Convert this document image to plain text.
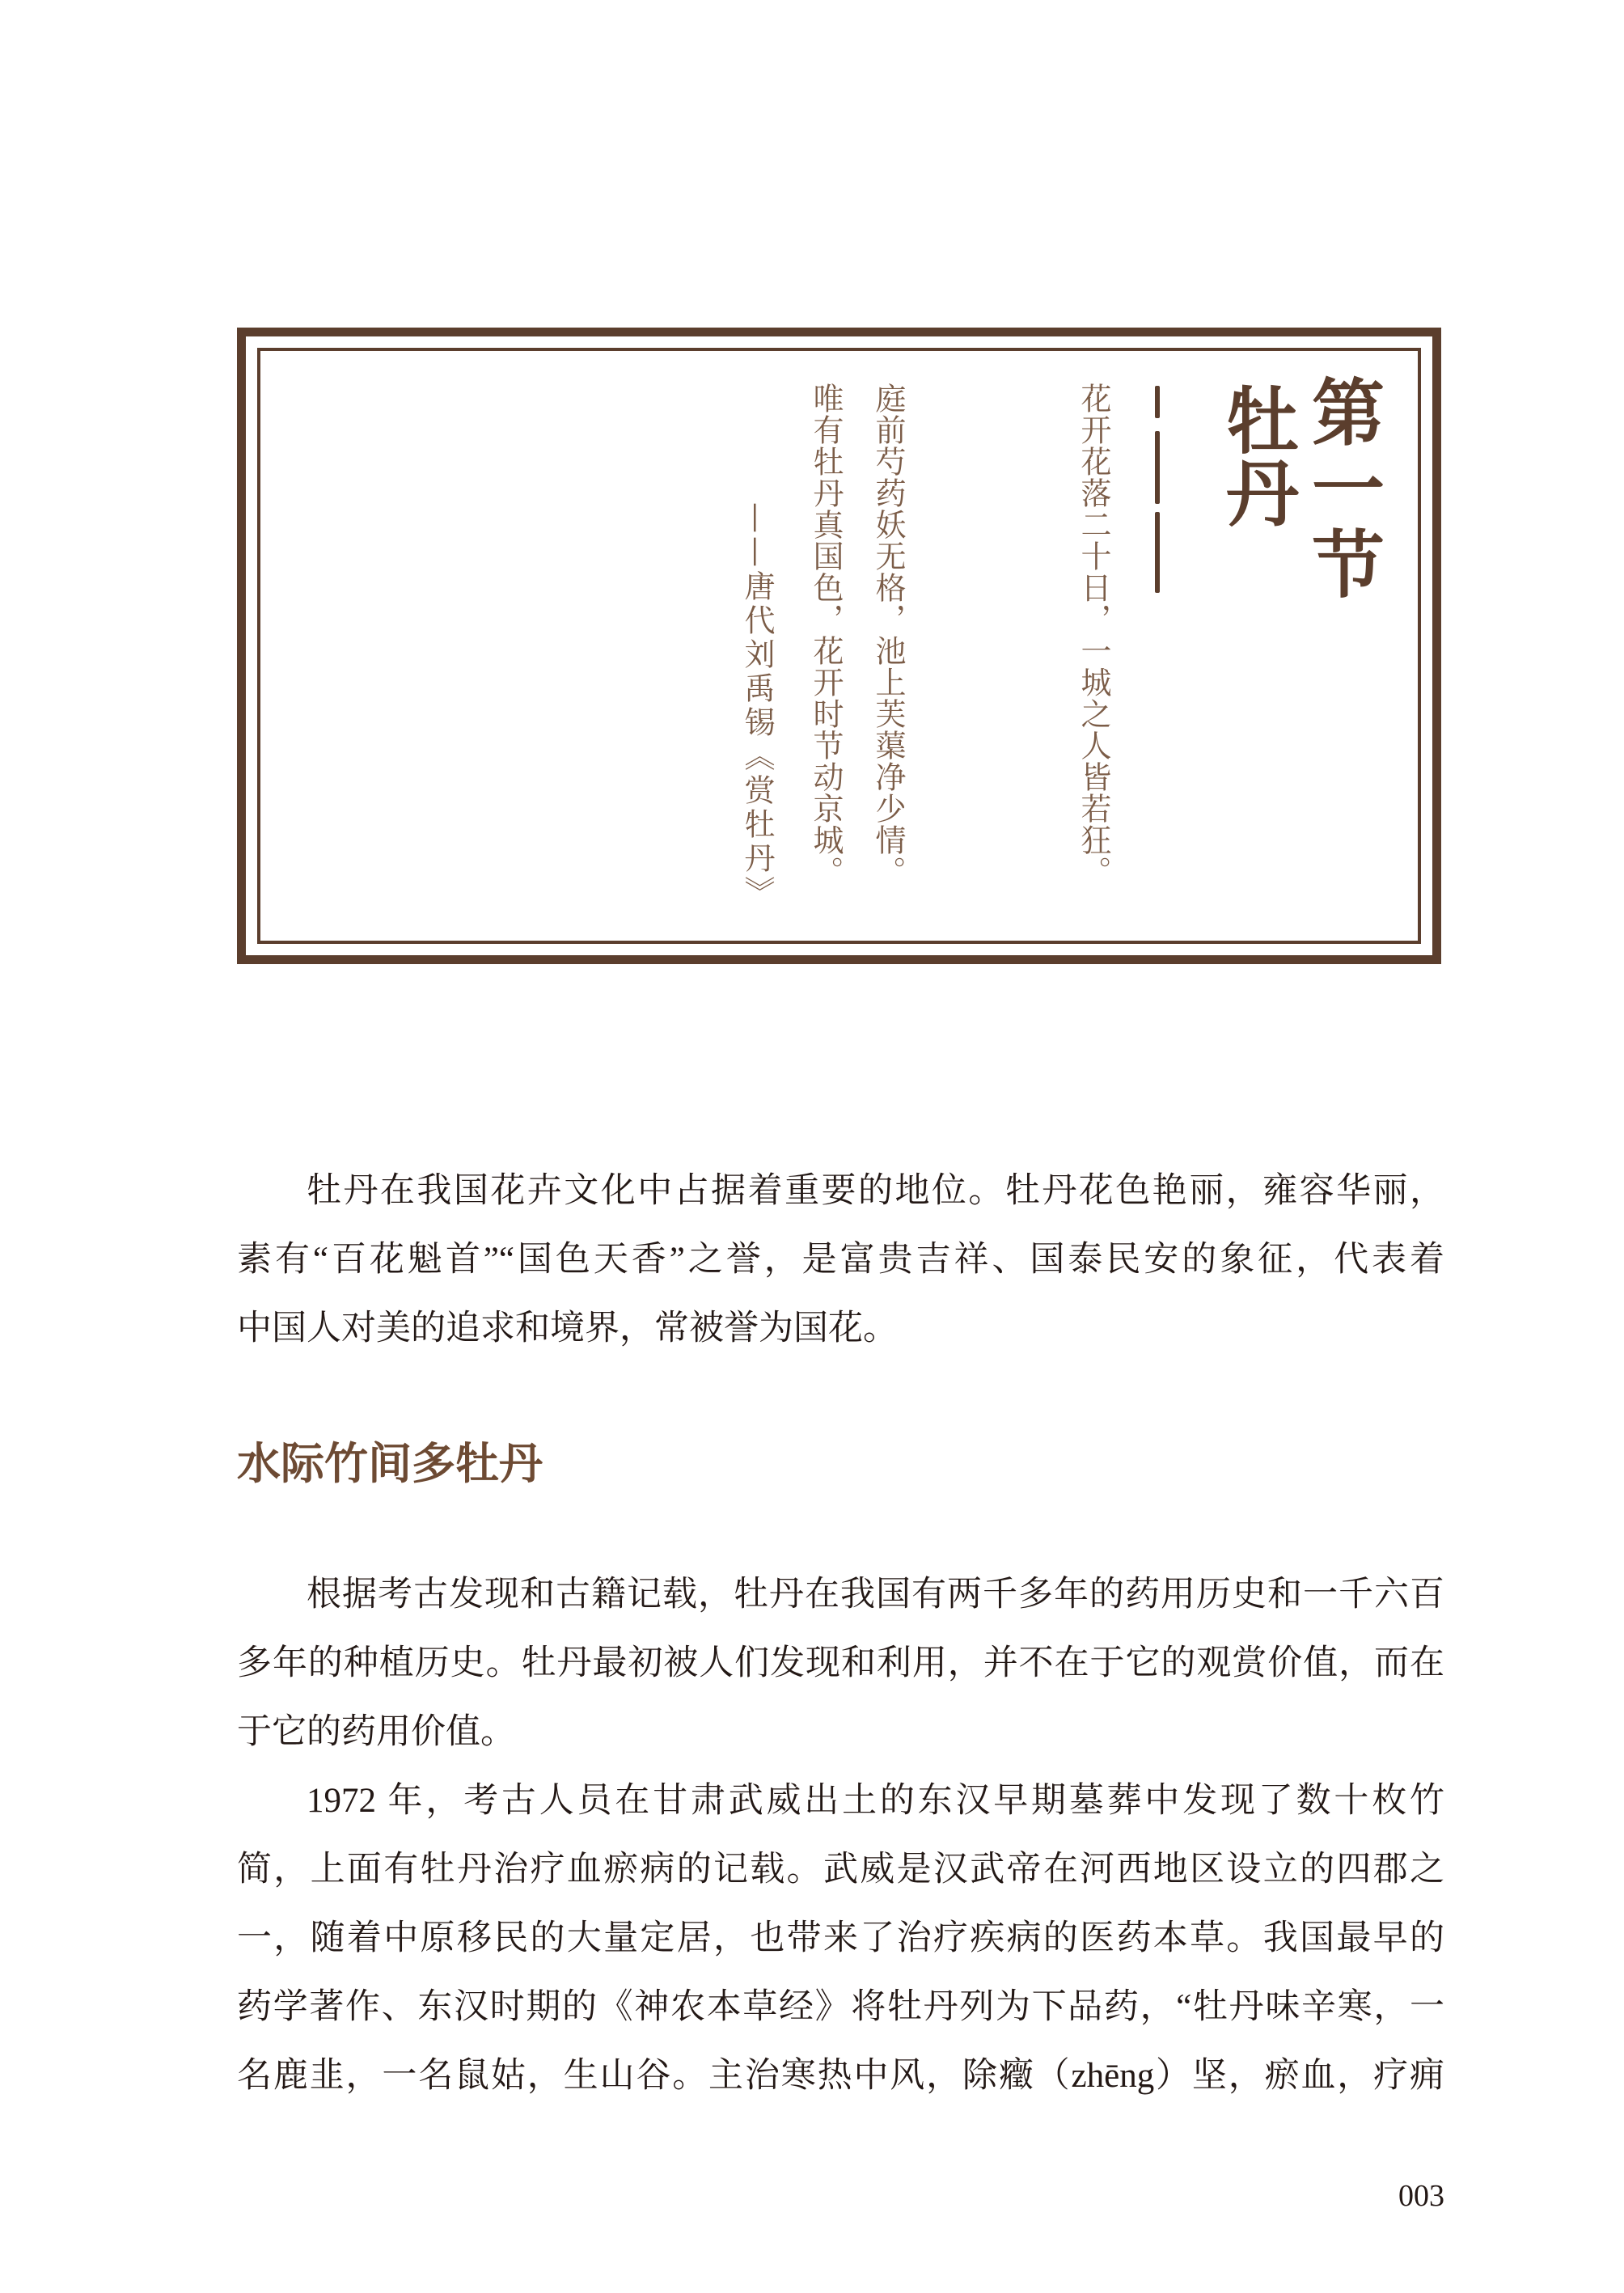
第一节
牡丹
花开花落二十日，一城之人皆若狂。
庭前芍药妖无格，池上芙蕖净少情。
唯有牡丹真国色，花开时节动京城。
——唐代刘禹锡《赏牡丹》
牡丹在我国花卉文化中占据着重要的地位。牡丹花色艳丽，雍容华丽，
素有“百花魁首”“国色天香”之誉，是富贵吉祥、国泰民安的象征，代表着
中国人对美的追求和境界，常被誉为国花。
水际竹间多牡丹
根据考古发现和古籍记载，牡丹在我国有两千多年的药用历史和一千六百
多年的种植历史。牡丹最初被人们发现和利用，并不在于它的观赏价值，而在
于它的药用价值。
1972 年，考古人员在甘肃武威出土的东汉早期墓葬中发现了数十枚竹
简，上面有牡丹治疗血瘀病的记载。武威是汉武帝在河西地区设立的四郡之
一，随着中原移民的大量定居，也带来了治疗疾病的医药本草。我国最早的
药学著作、东汉时期的《神农本草经》将牡丹列为下品药，“牡丹味辛寒，一
名鹿韭，一名鼠姑，生山谷。主治寒热中风，除癥（zhēng）坚，瘀血，疗痈
003
